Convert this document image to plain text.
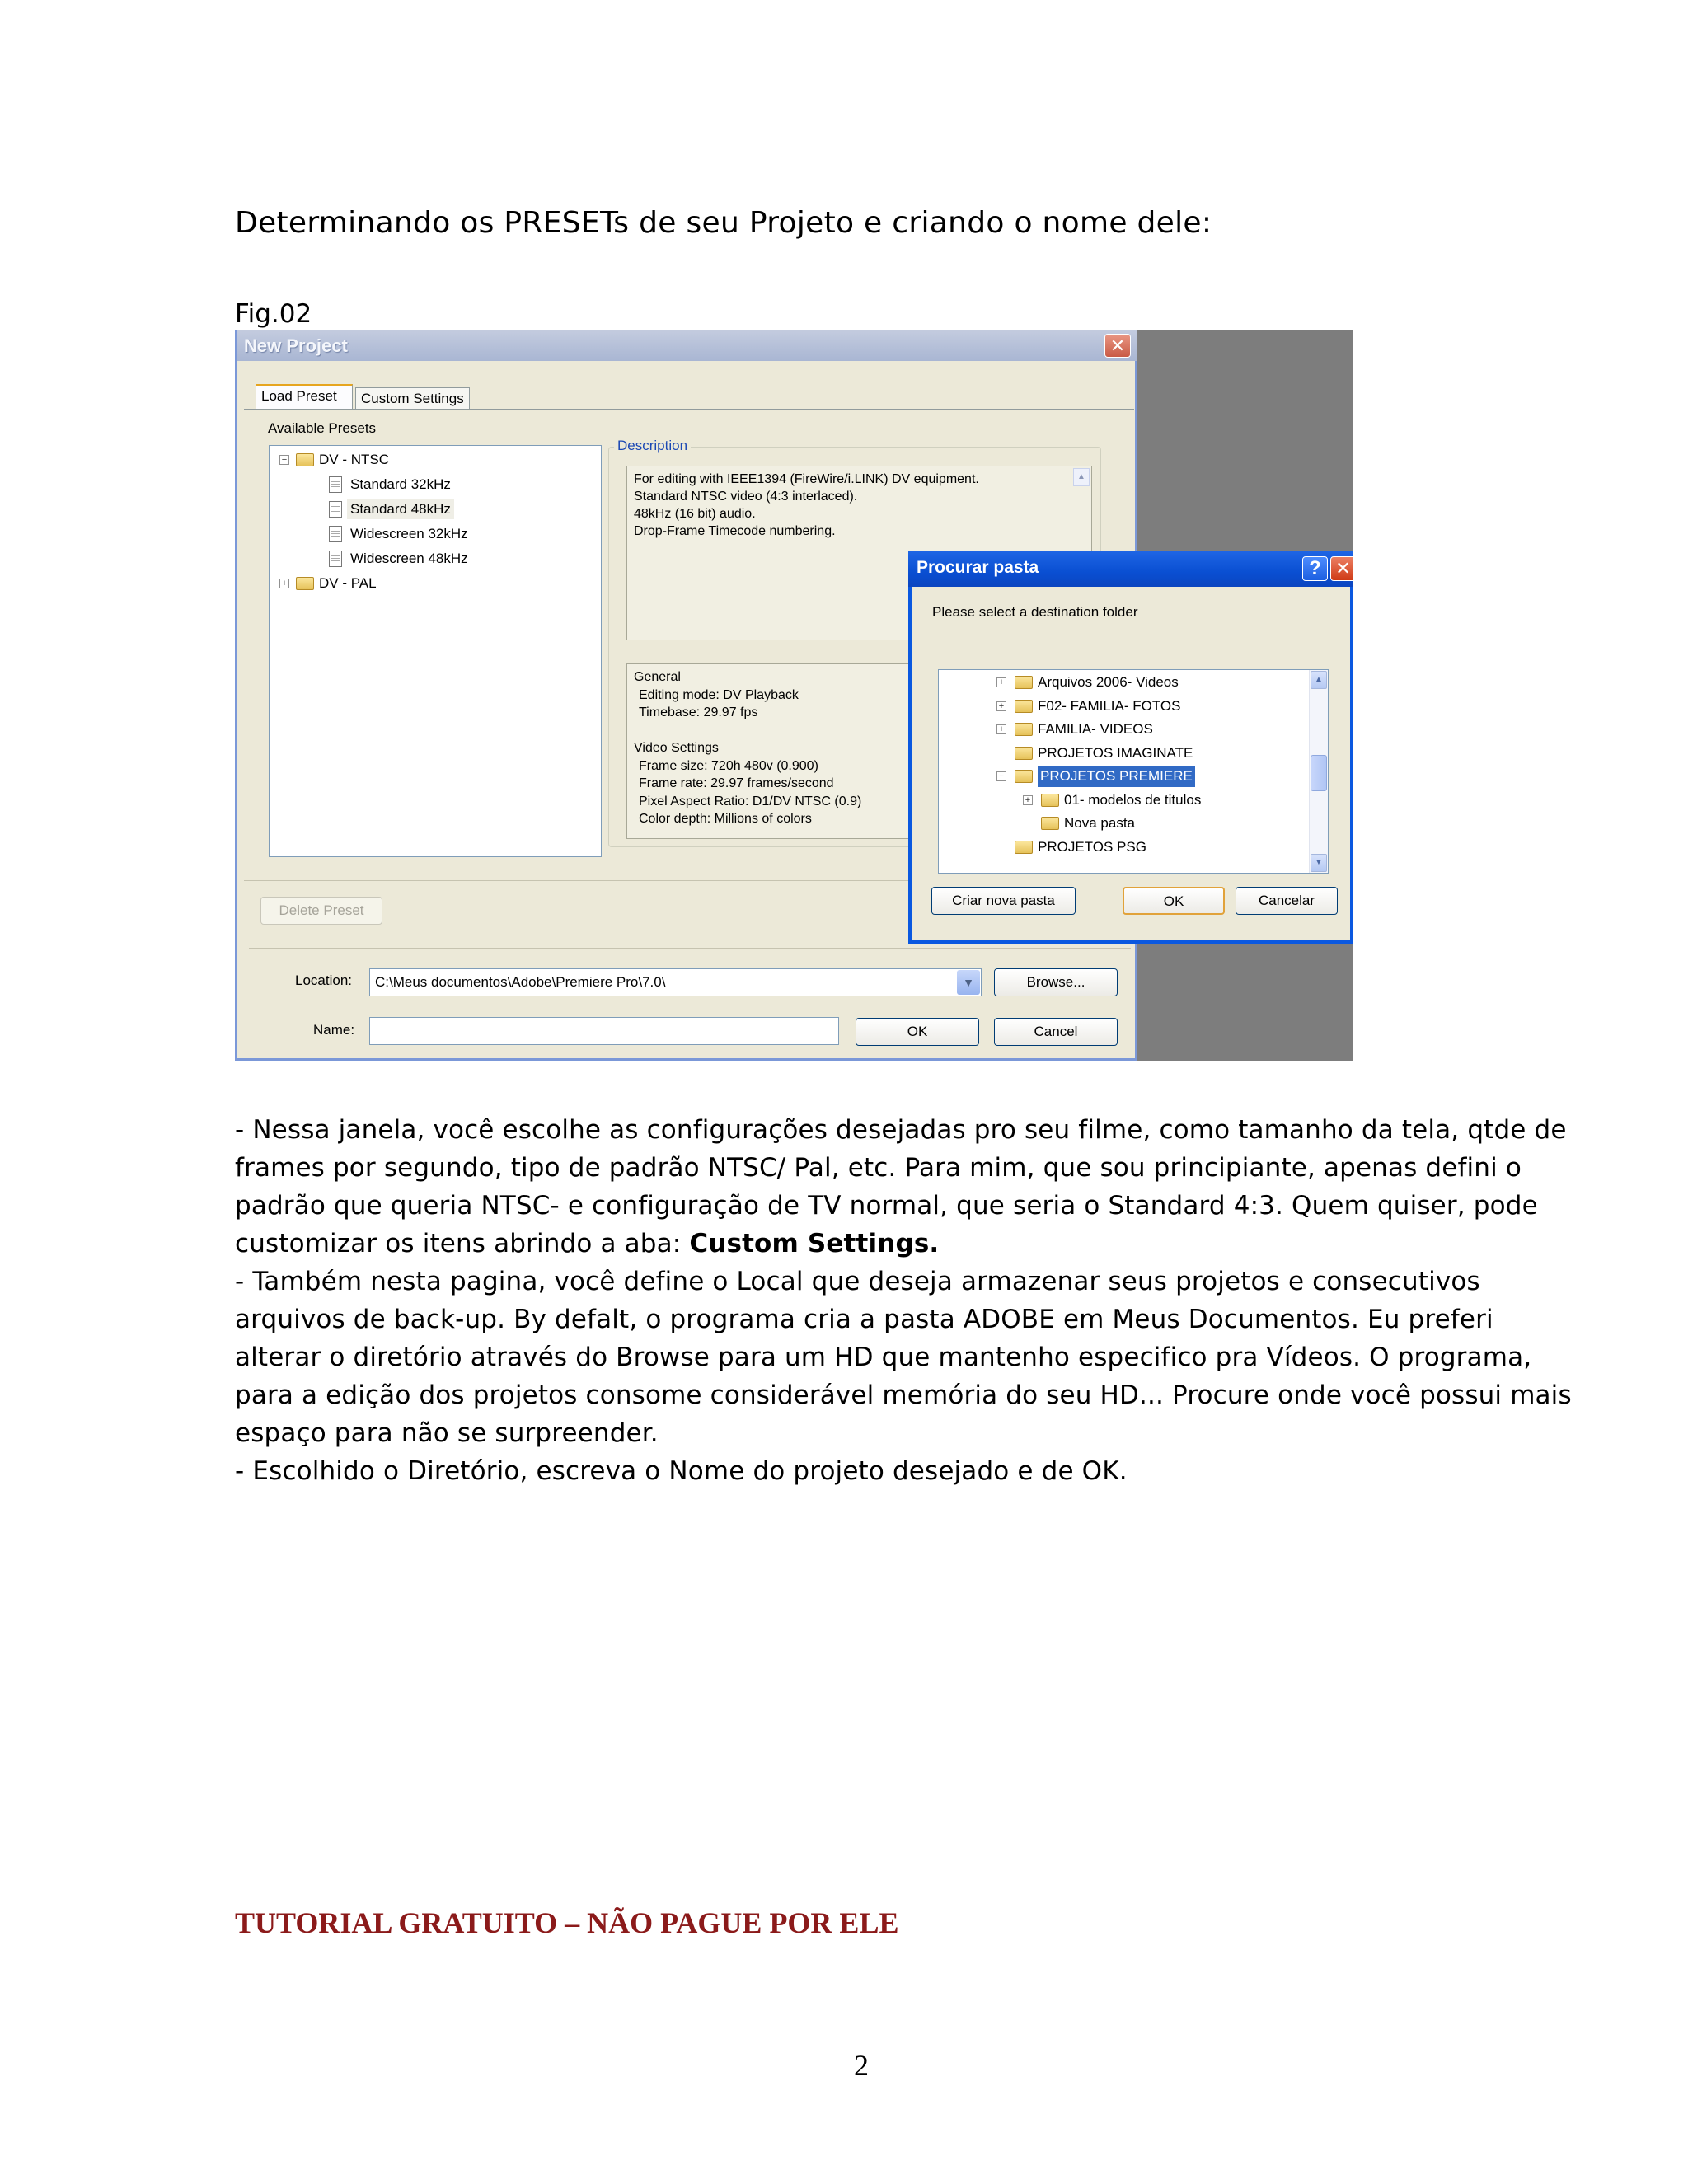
Determinando os PRESETs de seu Projeto e criando o nome dele:
Fig.02
New Project	✕
Load Preset	Custom Settings
Available Presets
− DV - NTSC
Standard 32kHz
Standard 48kHz
Widescreen 32kHz
Widescreen 48kHz
+ DV - PAL
Description
For editing with IEEE1394 (FireWire/i.LINK) DV equipment.
Standard NTSC video (4:3 interlaced).
48kHz (16 bit) audio.
Drop-Frame Timecode numbering.
▲
General
Editing mode: DV Playback
Timebase: 29.97 fps
Video Settings
Frame size: 720h 480v (0.900)
Frame rate: 29.97 frames/second
Pixel Aspect Ratio: D1/DV NTSC (0.9)
Color depth: Millions of colors
Delete Preset
Location:	C:\Meus documentos\Adobe\Premiere Pro\7.0\	▼	Browse...
Name:	OK	Cancel
Procurar pasta	? ✕
Please select a destination folder
+ Arquivos 2006- Videos
+ F02- FAMILIA- FOTOS
+ FAMILIA- VIDEOS
PROJETOS IMAGINATE
−	PROJETOS PREMIERE
+ 01- modelos de titulos
Nova pasta
PROJETOS PSG
▲
▼
Criar nova pasta	OK	Cancelar
- Nessa janela, você escolhe as configurações desejadas pro seu filme, como tamanho da tela, qtde de
frames por segundo, tipo de padrão NTSC/ Pal, etc. Para mim, que sou principiante, apenas defini o
padrão que queria NTSC- e configuração de TV normal, que seria o Standard 4:3. Quem quiser, pode
customizar os itens abrindo a aba: Custom Settings.
- Também nesta pagina, você define o Local que deseja armazenar seus projetos e consecutivos
arquivos de back-up. By defalt, o programa cria a pasta ADOBE em Meus Documentos. Eu preferi
alterar o diretório através do Browse para um HD que mantenho especifico pra Vídeos. O programa,
para a edição dos projetos consome considerável memória do seu HD... Procure onde você possui mais
espaço para não se surpreender.
- Escolhido o Diretório, escreva o Nome do projeto desejado e de OK.
TUTORIAL GRATUITO – NÃO PAGUE POR ELE
2
